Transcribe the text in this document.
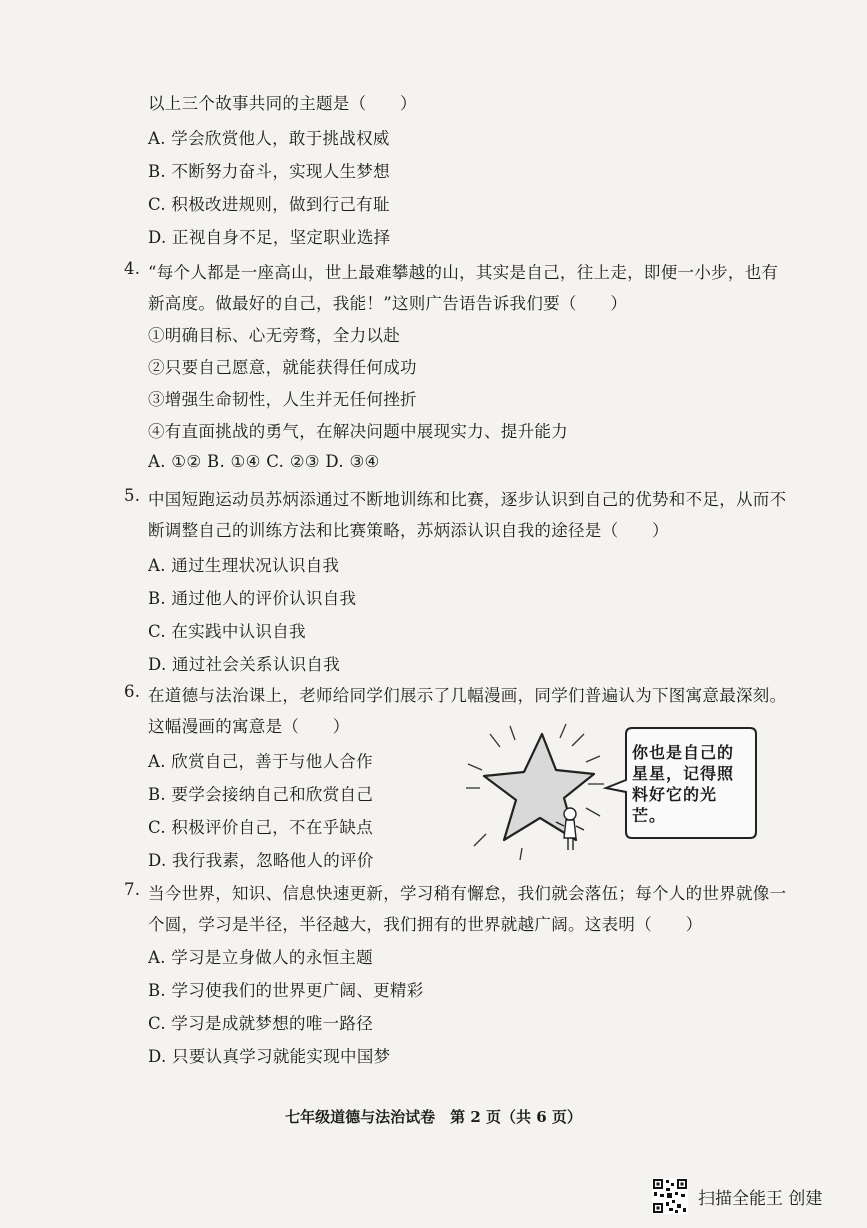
以上三个故事共同的主题是（　　）
A. 学会欣赏他人，敢于挑战权威
B. 不断努力奋斗，实现人生梦想
C. 积极改进规则，做到行己有耻
D. 正视自身不足，坚定职业选择
4. “每个人都是一座高山，世上最难攀越的山，其实是自己，往上走，即便一小步，也有
新高度。做最好的自己，我能！”这则广告语告诉我们要（　　）
①明确目标、心无旁骛，全力以赴
②只要自己愿意，就能获得任何成功
③增强生命韧性，人生并无任何挫折
④有直面挑战的勇气，在解决问题中展现实力、提升能力
A. ①② B. ①④ C. ②③ D. ③④
5. 中国短跑运动员苏炳添通过不断地训练和比赛，逐步认识到自己的优势和不足，从而不
断调整自己的训练方法和比赛策略，苏炳添认识自我的途径是（　　）
A. 通过生理状况认识自我
B. 通过他人的评价认识自我
C. 在实践中认识自我
D. 通过社会关系认识自我
6. 在道德与法治课上，老师给同学们展示了几幅漫画，同学们普遍认为下图寓意最深刻。
这幅漫画的寓意是（　　）
A. 欣赏自己，善于与他人合作
B. 要学会接纳自己和欣赏自己
C. 积极评价自己，不在乎缺点
D. 我行我素，忽略他人的评价
你也是自己的星星，记得照料好它的光芒。
7. 当今世界，知识、信息快速更新，学习稍有懈怠，我们就会落伍；每个人的世界就像一
个圆，学习是半径，半径越大，我们拥有的世界就越广阔。这表明（　　）
A. 学习是立身做人的永恒主题
B. 学习使我们的世界更广阔、更精彩
C. 学习是成就梦想的唯一路径
D. 只要认真学习就能实现中国梦
七年级道德与法治试卷　第 2 页（共 6 页）
扫描全能王 创建
